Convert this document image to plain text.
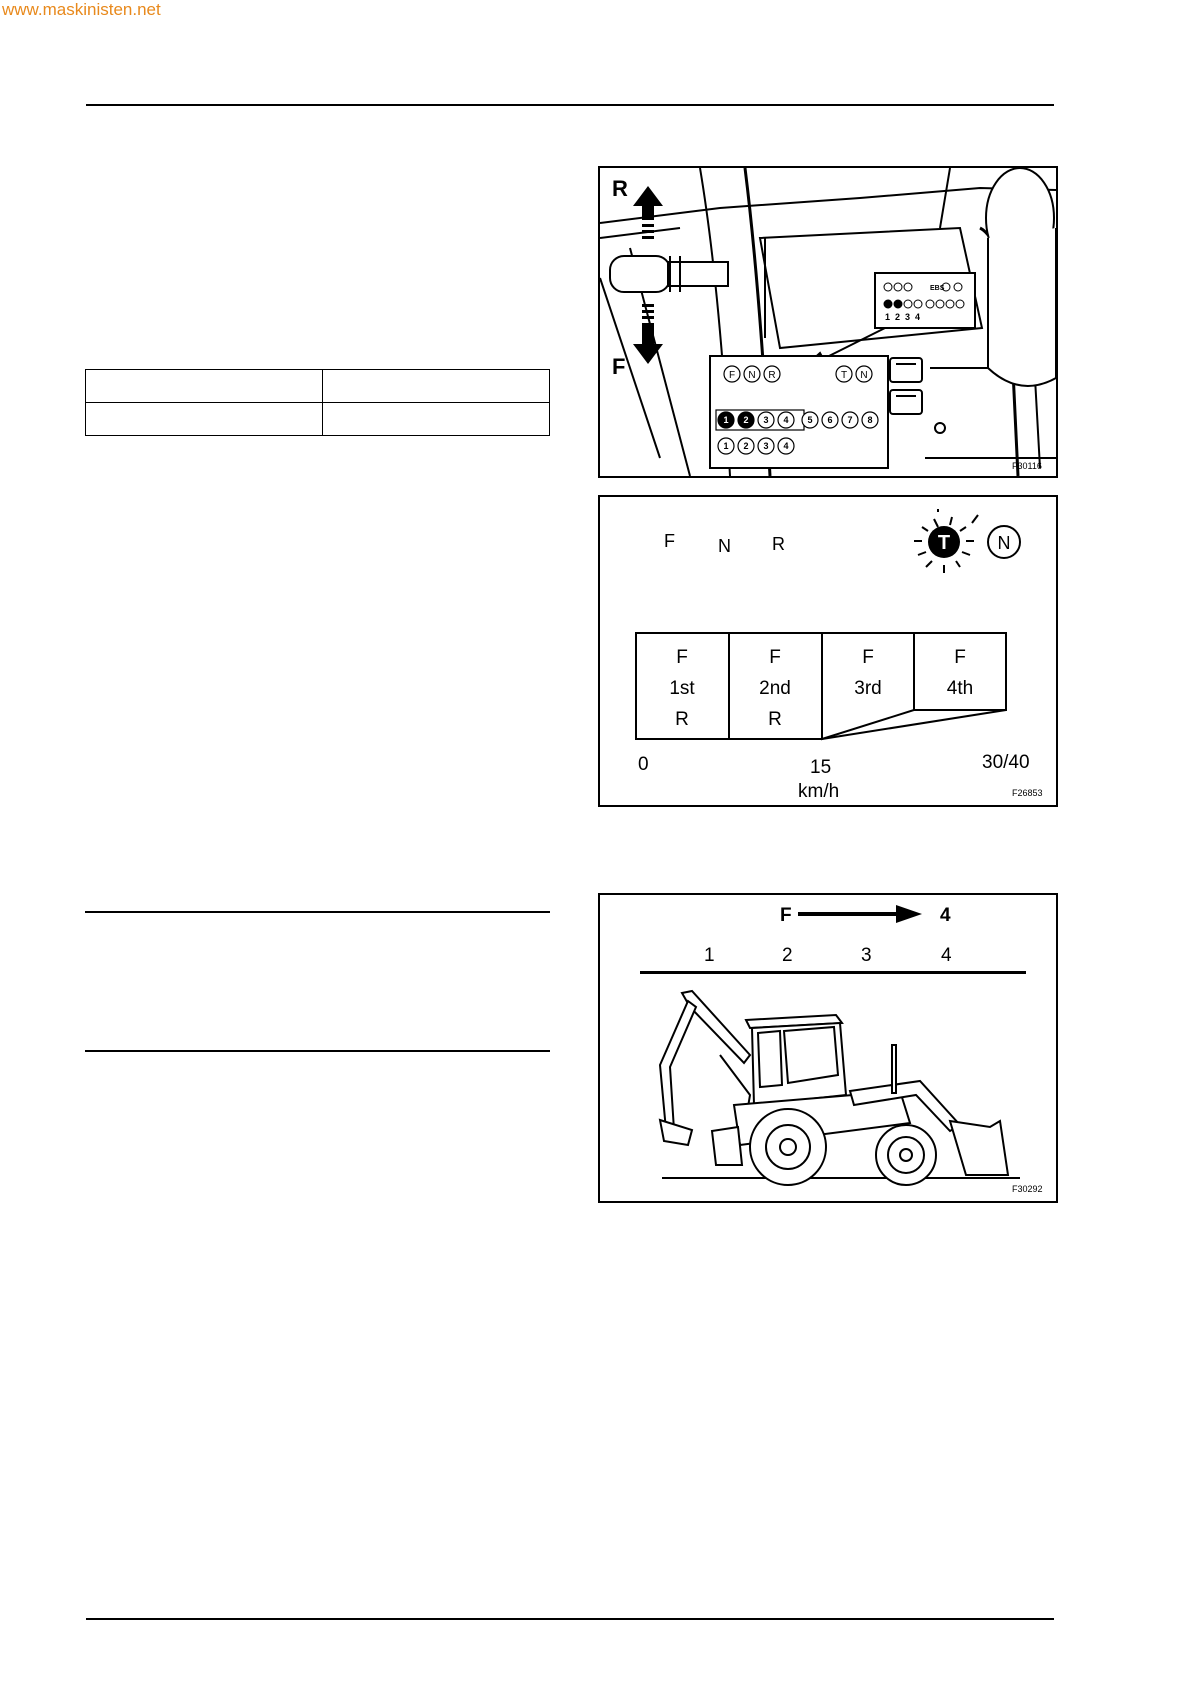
www.maskinisten.net

EBS
1 2 3 4
R
F	F N R	T N
1 2 3 4 5 6 7 8
1 2 3 4
F30116
F N R	T	N
F
1st
R
F
2nd
R
F
3rd
F
4th
0	15	30/40
km/h	F26853
F	4
1	2	3	4
F30292
